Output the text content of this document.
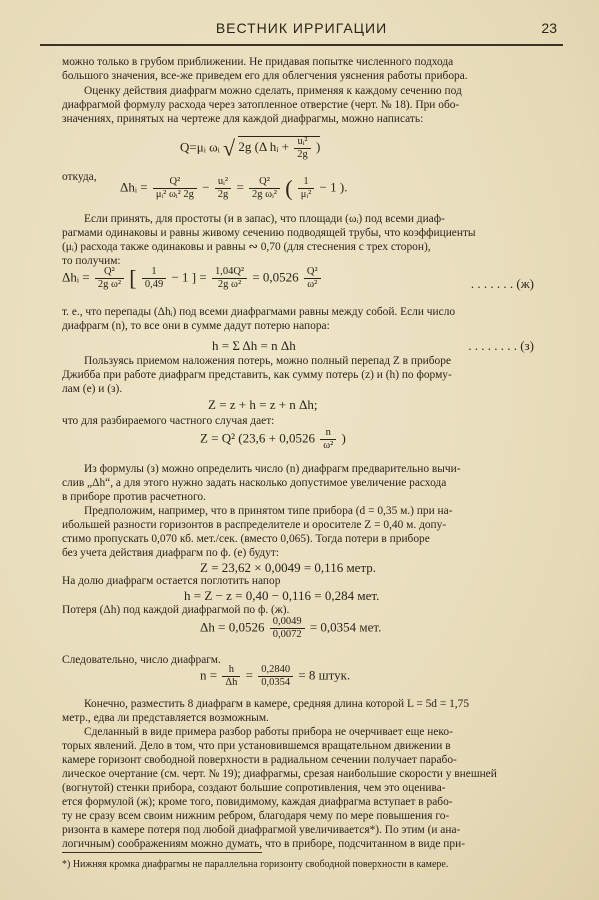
ВЕСТНИК ИРРИГАЦИИ	23
можно только в грубом приближении. Не придавая попытке численного подхода
большого значения, все-же приведем его для облегчения уяснения работы прибора.
Оценку действия диафрагм можно сделать, применяя к каждому сечению под
диафрагмой формулу расхода через затопленное отверстие (черт. № 18). При обо-
значениях, принятых на чертеже для каждой диафрагмы, можно написать:
Q=μᵢ ωᵢ √ 2g (Δ hᵢ + $\frac{\text{uᵢ²}}{2g}$ )
откуда,
Δhᵢ = $\frac{\text{Q²}}{\text{μᵢ² ωᵢ² 2g}} - \frac{\text{uᵢ²}}{2g} = \frac{\text{Q²}}{\text{2g ωᵢ²}}$ ( $\frac{1}{\text{μᵢ²}} - 1$ ).
Если принять, для простоты (и в запас), что площади (ωᵢ) под всеми диаф-
рагмами одинаковы и равны живому сечению подводящей трубы, что коэффициенты
(μᵢ) расхода также одинаковы и равны ∾ 0,70 (для стеснения с трех сторон),
то получим:
Δhᵢ = $\frac{\text{Q²}}{\text{2g ω²}}$ [ $\frac{1}{0,49} - 1$ ] = $\frac{\text{1,04Q²}}{\text{2g ω²}} = 0,0526 \frac{\text{Q²}}{\text{ω²}}$	. . . . . . . (ж)
т. е., что перепады (Δhᵢ) под всеми диафрагмами равны между собой. Если число
диафрагм (n), то все они в сумме дадут потерю напора:
h = Σ Δh = n Δh	. . . . . . . . (з)
Пользуясь приемом наложения потерь, можно полный перепад Z в приборе
Джибба при работе диафрагм представить, как сумму потерь (z) и (h) по форму-
лам (е) и (з).
Z = z + h = z + n Δh;
что для разбираемого частного случая дает:
Z = Q² ($23,6 + 0,0526 \frac{n}{\text{ω²}}$ )
Из формулы (з) можно определить число (n) диафрагм предварительно вычи-
слив „Δh“, а для этого нужно задать насколько допустимое увеличение расхода
в приборе против расчетного.
Предположим, например, что в принятом типе прибора (d = 0,35 м.) при на-
ибольшей разности горизонтов в распределителе и оросителе Z = 0,40 м. допу-
стимо пропускать 0,070 кб. мет./сек. (вместо 0,065). Тогда потери в приборе
без учета действия диафрагм по ф. (е) будут:
Z = 23,62 × 0,0049 = 0,116 метр.
На долю диафрагм остается поглотить напор
h = Z − z = 0,40 − 0,116 = 0,284 мет.
Потеря (Δh) под каждой диафрагмой по ф. (ж).
$\Delta h = 0,0526 \frac{0,0049}{0,0072} = 0,0354$ мет.
Следовательно, число диафрагм.
$n = \frac{h}{\Delta h} = \frac{0,2840}{0,0354} = 8$ штук.
Конечно, разместить 8 диафрагм в камере, средняя длина которой L = 5d = 1,75
метр., едва ли представляется возможным.
Сделанный в виде примера разбор работы прибора не очерчивает еще неко-
торых явлений. Дело в том, что при установившемся вращательном движении в
камере горизонт свободной поверхности в радиальном сечении получает парабо-
лическое очертание (см. черт. № 19); диафрагмы, срезая наибольшие скорости у внешней
(вогнутой) стенки прибора, создают большие сопротивления, чем это оценива-
ется формулой (ж); кроме того, повидимому, каждая диафрагма вступает в рабо-
ту не сразу всем своим нижним ребром, благодаря чему по мере повышения го-
ризонта в камере потеря под любой диафрагмой увеличивается*). По этим (и ана-
логичным) соображениям можно думать, что в приборе, подсчитанном в виде при-
*) Нижняя кромка диафрагмы не параллельна горизонту свободной поверхности в камере.
